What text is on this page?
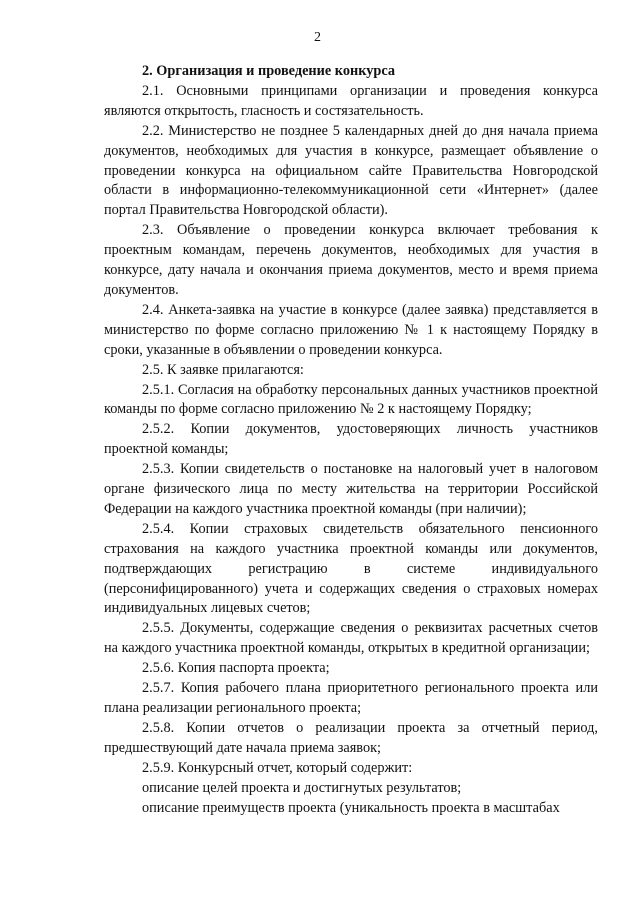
2
2. Организация и проведение конкурса

2.1. Основными принципами организации и проведения конкурса являются открытость, гласность и состязательность.

2.2. Министерство не позднее 5 календарных дней до дня начала приема документов, необходимых для участия в конкурсе, размещает объявление о проведении конкурса на официальном сайте Правительства Новгородской области в информационно-телекоммуникационной сети «Интернет» (далее портал Правительства Новгородской области).

2.3. Объявление о проведении конкурса включает требования к проектным командам, перечень документов, необходимых для участия в конкурсе, дату начала и окончания приема документов, место и время приема документов.

2.4. Анкета-заявка на участие в конкурсе (далее заявка) представляется в министерство по форме согласно приложению № 1 к настоящему Порядку в сроки, указанные в объявлении о проведении конкурса.

2.5. К заявке прилагаются:

2.5.1. Согласия на обработку персональных данных участников проектной команды по форме согласно приложению № 2 к настоящему Порядку;

2.5.2. Копии документов, удостоверяющих личность участников проектной команды;

2.5.3. Копии свидетельств о постановке на налоговый учет в налоговом органе физического лица по месту жительства на территории Российской Федерации на каждого участника проектной команды (при наличии);

2.5.4. Копии страховых свидетельств обязательного пенсионного страхования на каждого участника проектной команды или документов, подтверждающих регистрацию в системе индивидуального (персонифицированного) учета и содержащих сведения о страховых номерах индивидуальных лицевых счетов;

2.5.5. Документы, содержащие сведения о реквизитах расчетных счетов на каждого участника проектной команды, открытых в кредитной организации;

2.5.6. Копия паспорта проекта;

2.5.7. Копия рабочего плана приоритетного регионального проекта или плана реализации регионального проекта;

2.5.8. Копии отчетов о реализации проекта за отчетный период, предшествующий дате начала приема заявок;

2.5.9. Конкурсный отчет, который содержит:

описание целей проекта и достигнутых результатов;

описание преимуществ проекта (уникальность проекта в масштабах
